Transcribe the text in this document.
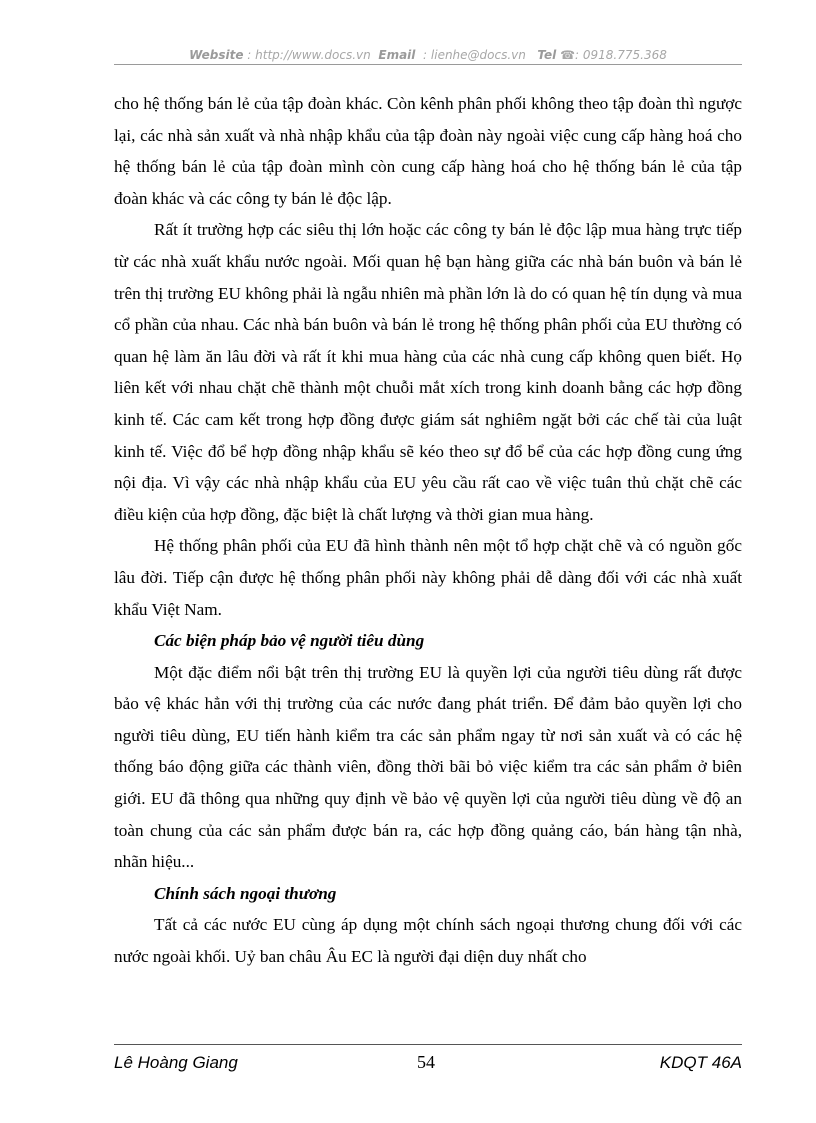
Website : http://www.docs.vn Email : lienhe@docs.vn Tel ☎: 0918.775.368

cho hệ thống bán lẻ của tập đoàn khác. Còn kênh phân phối không theo tập đoàn thì ngược lại, các nhà sản xuất và nhà nhập khẩu của tập đoàn này ngoài việc cung cấp hàng hoá cho hệ thống bán lẻ của tập đoàn mình còn cung cấp hàng hoá cho hệ thống bán lẻ của tập đoàn khác và các công ty bán lẻ độc lập.

Rất ít trường hợp các siêu thị lớn hoặc các công ty bán lẻ độc lập mua hàng trực tiếp từ các nhà xuất khẩu nước ngoài. Mối quan hệ bạn hàng giữa các nhà bán buôn và bán lẻ trên thị trường EU không phải là ngẫu nhiên mà phần lớn là do có quan hệ tín dụng và mua cổ phần của nhau. Các nhà bán buôn và bán lẻ trong hệ thống phân phối của EU thường có quan hệ làm ăn lâu đời và rất ít khi mua hàng của các nhà cung cấp không quen biết. Họ liên kết với nhau chặt chẽ thành một chuỗi mắt xích trong kinh doanh bằng các hợp đồng kinh tế. Các cam kết trong hợp đồng được giám sát nghiêm ngặt bởi các chế tài của luật kinh tế. Việc đổ bể hợp đồng nhập khẩu sẽ kéo theo sự đổ bể của các hợp đồng cung ứng nội địa. Vì vậy các nhà nhập khẩu của EU yêu cầu rất cao về việc tuân thủ chặt chẽ các điều kiện của hợp đồng, đặc biệt là chất lượng và thời gian mua hàng.

Hệ thống phân phối của EU đã hình thành nên một tổ hợp chặt chẽ và có nguồn gốc lâu đời. Tiếp cận được hệ thống phân phối này không phải dễ dàng đối với các nhà xuất khẩu Việt Nam.

Các biện pháp bảo vệ người tiêu dùng

Một đặc điểm nổi bật trên thị trường EU là quyền lợi của người tiêu dùng rất được bảo vệ khác hẳn với thị trường của các nước đang phát triển. Để đảm bảo quyền lợi cho người tiêu dùng, EU tiến hành kiểm tra các sản phẩm ngay từ nơi sản xuất và có các hệ thống báo động giữa các thành viên, đồng thời bãi bỏ việc kiểm tra các sản phẩm ở biên giới. EU đã thông qua những quy định về bảo vệ quyền lợi của người tiêu dùng về độ an toàn chung của các sản phẩm được bán ra, các hợp đồng quảng cáo, bán hàng tận nhà, nhãn hiệu...

Chính sách ngoại thương

Tất cả các nước EU cùng áp dụng một chính sách ngoại thương chung đối với các nước ngoài khối. Uỷ ban châu Âu EC là người đại diện duy nhất cho

Lê Hoàng Giang	54	KDQT 46A
